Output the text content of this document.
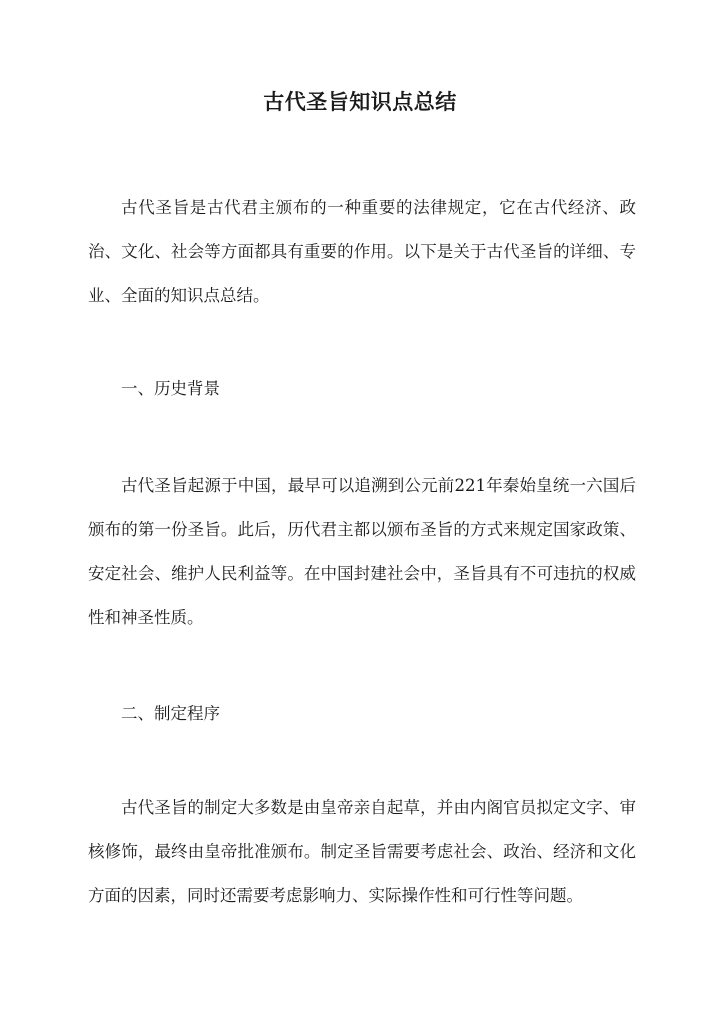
古代圣旨知识点总结

古代圣旨是古代君主颁布的一种重要的法律规定，它在古代经济、政治、文化、社会等方面都具有重要的作用。以下是关于古代圣旨的详细、专业、全面的知识点总结。

一、历史背景

古代圣旨起源于中国，最早可以追溯到公元前221年秦始皇统一六国后颁布的第一份圣旨。此后，历代君主都以颁布圣旨的方式来规定国家政策、安定社会、维护人民利益等。在中国封建社会中，圣旨具有不可违抗的权威性和神圣性质。

二、制定程序

古代圣旨的制定大多数是由皇帝亲自起草，并由内阁官员拟定文字、审核修饰，最终由皇帝批准颁布。制定圣旨需要考虑社会、政治、经济和文化方面的因素，同时还需要考虑影响力、实际操作性和可行性等问题。
